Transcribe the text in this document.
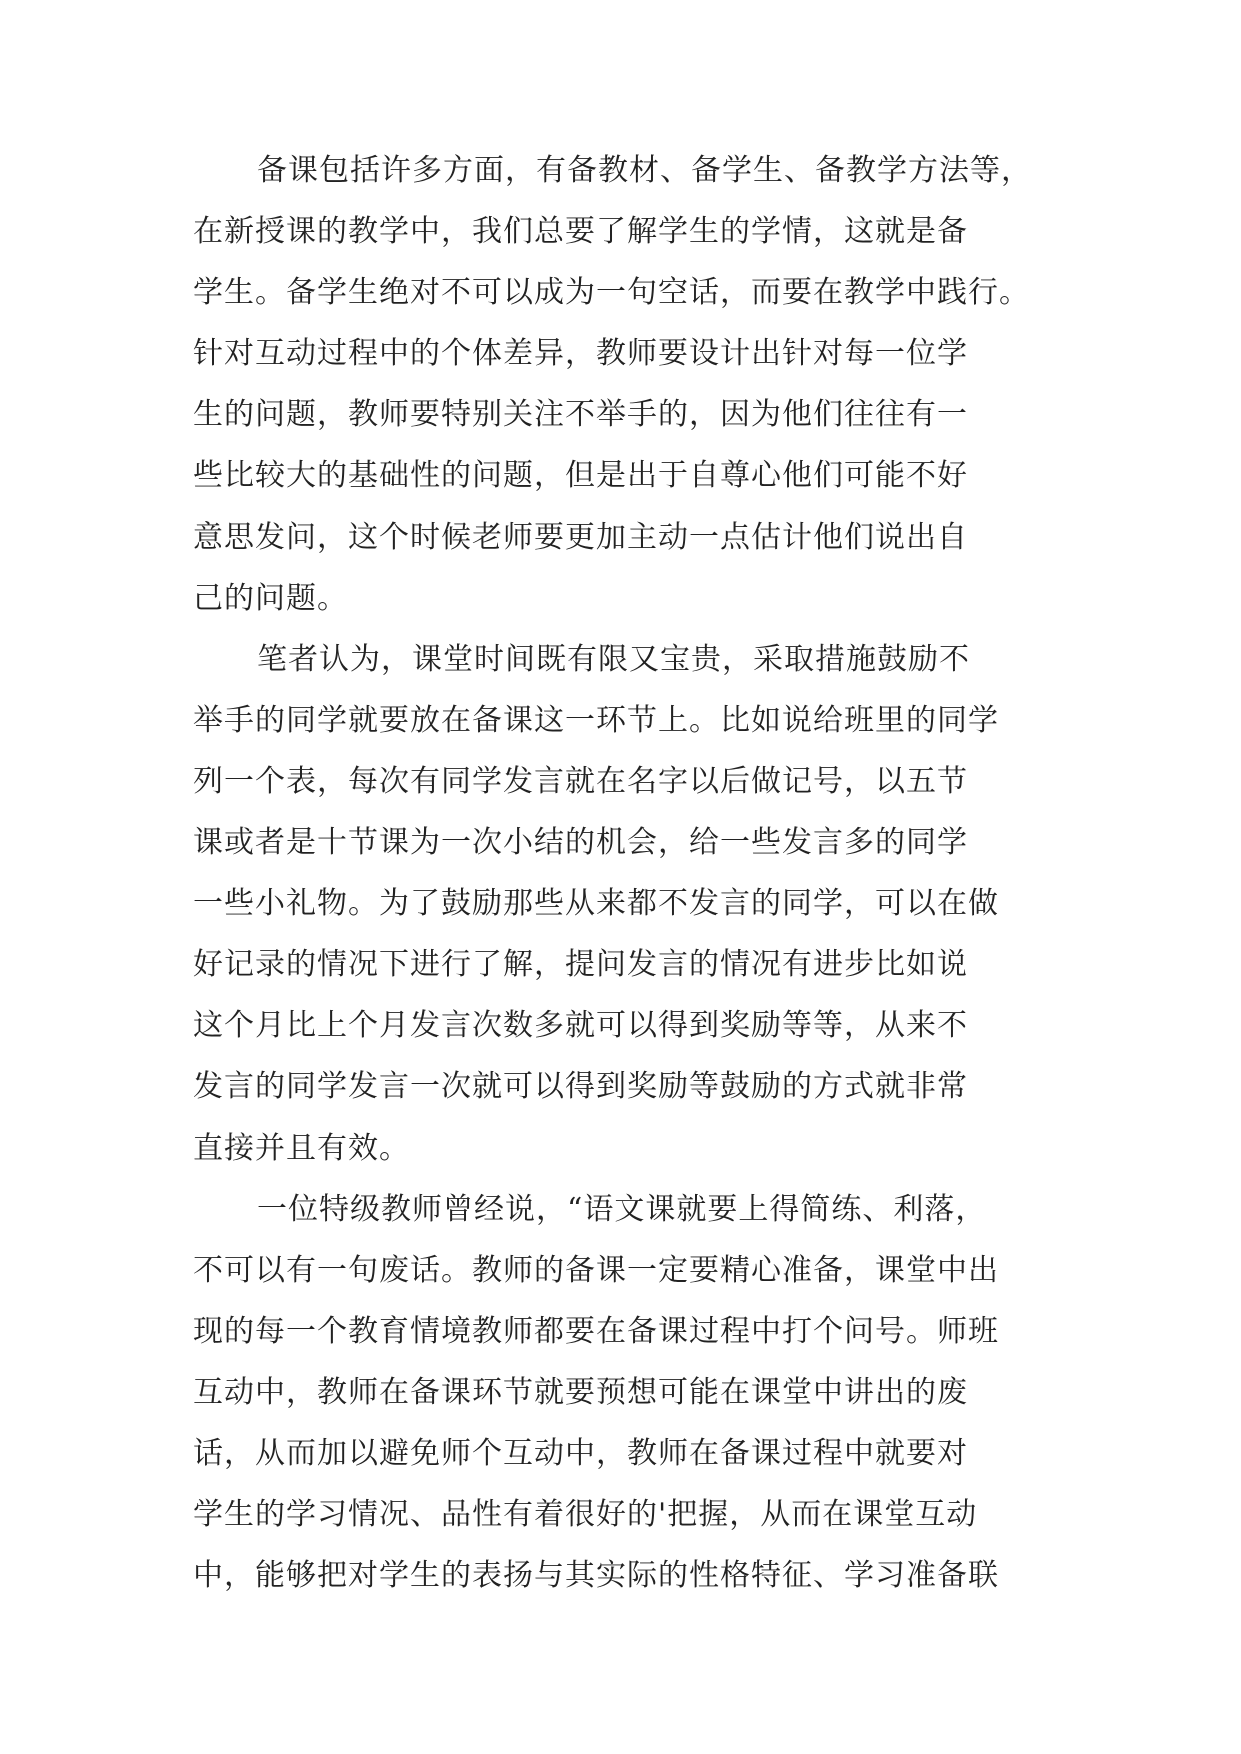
备课包括许多方面，有备教材、备学生、备教学方法等，
在新授课的教学中，我们总要了解学生的学情，这就是备
学生。备学生绝对不可以成为一句空话，而要在教学中践行。
针对互动过程中的个体差异，教师要设计出针对每一位学
生的问题，教师要特别关注不举手的，因为他们往往有一
些比较大的基础性的问题，但是出于自尊心他们可能不好
意思发问，这个时候老师要更加主动一点估计他们说出自
己的问题。
笔者认为，课堂时间既有限又宝贵，采取措施鼓励不
举手的同学就要放在备课这一环节上。比如说给班里的同学
列一个表，每次有同学发言就在名字以后做记号，以五节
课或者是十节课为一次小结的机会，给一些发言多的同学
一些小礼物。为了鼓励那些从来都不发言的同学，可以在做
好记录的情况下进行了解，提问发言的情况有进步比如说
这个月比上个月发言次数多就可以得到奖励等等，从来不
发言的同学发言一次就可以得到奖励等鼓励的方式就非常
直接并且有效。
一位特级教师曾经说，“语文课就要上得简练、利落，
不可以有一句废话。教师的备课一定要精心准备，课堂中出
现的每一个教育情境教师都要在备课过程中打个问号。师班
互动中，教师在备课环节就要预想可能在课堂中讲出的废
话，从而加以避免师个互动中，教师在备课过程中就要对
学生的学习情况、品性有着很好的'把握，从而在课堂互动
中，能够把对学生的表扬与其实际的性格特征、学习准备联
